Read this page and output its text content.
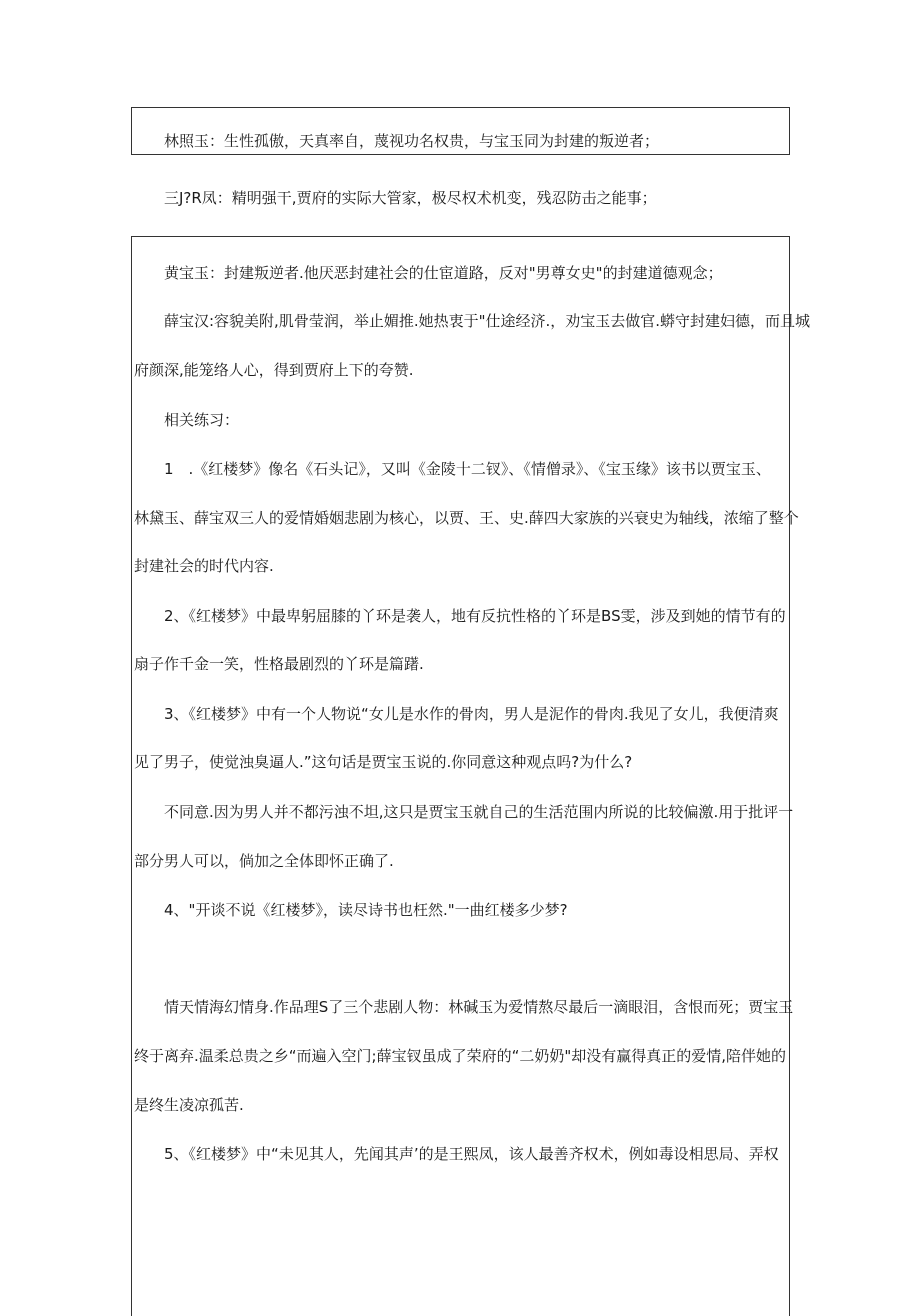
林照玉：生性孤傲，天真率自，蔑视功名权贵，与宝玉同为封建的叛逆者；
三J?R凤：精明强干,贾府的实际大管家，极尽权术机变，残忍防击之能事；
黄宝玉：封建叛逆者.他厌恶封建社会的仕宦道路，反对"男尊女史"的封建道德观念；
薛宝汉:容貌美附,肌骨莹润，举止媚推.她热衷于"仕途经济.，劝宝玉去做官.蟒守封建妇德，而且城
府颜深,能笼络人心，得到贾府上下的夸赞.
相关练习：
1　.《红楼梦》像名《石头记》，又叫《金陵十二钗》、《情僧录》、《宝玉缘》该书以贾宝玉、
林黛玉、薛宝双三人的爱情婚姻悲剧为核心，以贾、王、史.薛四大家族的兴衰史为轴线，浓缩了整个
封建社会的时代内容.
2、《红楼梦》中最卑躬屈膝的丫环是袭人，地有反抗性格的丫环是BS雯，涉及到她的情节有的
扇子作千金一笑，性格最剧烈的丫环是篇躇.
3、《红楼梦》中有一个人物说“女儿是水作的骨肉，男人是泥作的骨肉.我见了女儿，我便清爽
见了男子，使觉浊臭逼人.”这句话是贾宝玉说的.你同意这种观点吗?为什么?
不同意.因为男人并不都污浊不坦,这只是贾宝玉就自己的生活范围内所说的比较偏激.用于批评一
部分男人可以，倘加之全体即怀正确了.
4、"开谈不说《红楼梦》，读尽诗书也枉然."一曲红楼多少梦?
情天情海幻情身.作品理S了三个悲剧人物：林碱玉为爱情熬尽最后一滴眼泪，含恨而死；贾宝玉
终于离弃.温柔总贵之乡“而遍入空门;薛宝钗虽成了荣府的“二奶奶"却没有赢得真正的爱情,陪伴她的
是终生凌凉孤苦.
5、《红楼梦》中“未见其人，先闻其声’的是王熙凤，该人最善齐权术，例如毒设相思局、弄权
